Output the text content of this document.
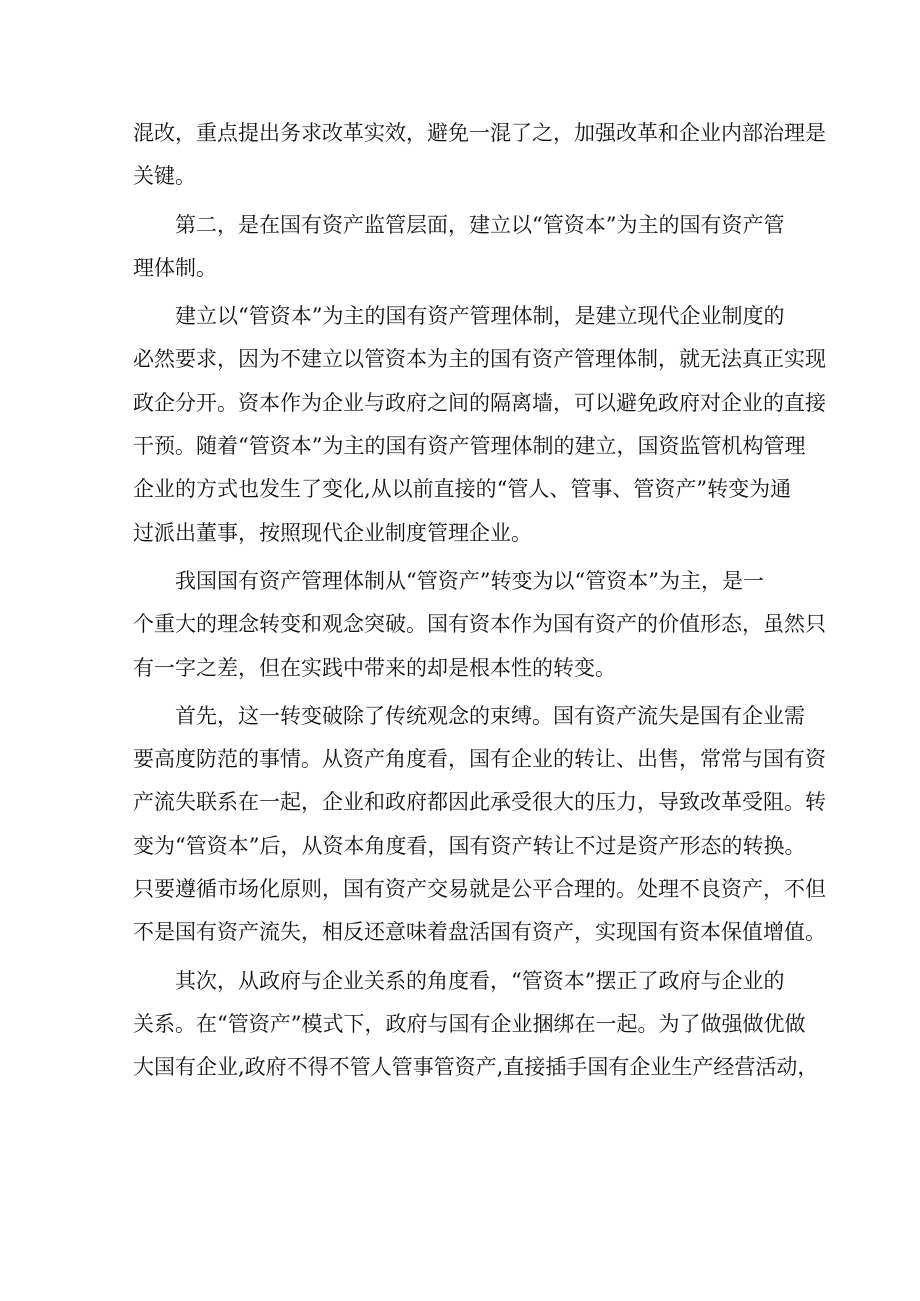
混改，重点提出务求改革实效，避免一混了之，加强改革和企业内部治理是
关键。
第二，是在国有资产监管层面，建立以“管资本”为主的国有资产管
理体制。
建立以“管资本”为主的国有资产管理体制，是建立现代企业制度的
必然要求，因为不建立以管资本为主的国有资产管理体制，就无法真正实现
政企分开。资本作为企业与政府之间的隔离墙，可以避免政府对企业的直接
干预。随着“管资本”为主的国有资产管理体制的建立，国资监管机构管理
企业的方式也发生了变化,从以前直接的“管人、管事、管资产”转变为通
过派出董事，按照现代企业制度管理企业。
我国国有资产管理体制从“管资产”转变为以“管资本”为主，是一
个重大的理念转变和观念突破。国有资本作为国有资产的价值形态，虽然只
有一字之差，但在实践中带来的却是根本性的转变。
首先，这一转变破除了传统观念的束缚。国有资产流失是国有企业需
要高度防范的事情。从资产角度看，国有企业的转让、出售，常常与国有资
产流失联系在一起，企业和政府都因此承受很大的压力，导致改革受阻。转
变为“管资本”后，从资本角度看，国有资产转让不过是资产形态的转换。
只要遵循市场化原则，国有资产交易就是公平合理的。处理不良资产，不但
不是国有资产流失，相反还意味着盘活国有资产，实现国有资本保值增值。
其次，从政府与企业关系的角度看，“管资本”摆正了政府与企业的
关系。在“管资产”模式下，政府与国有企业捆绑在一起。为了做强做优做
大国有企业,政府不得不管人管事管资产,直接插手国有企业生产经营活动，
